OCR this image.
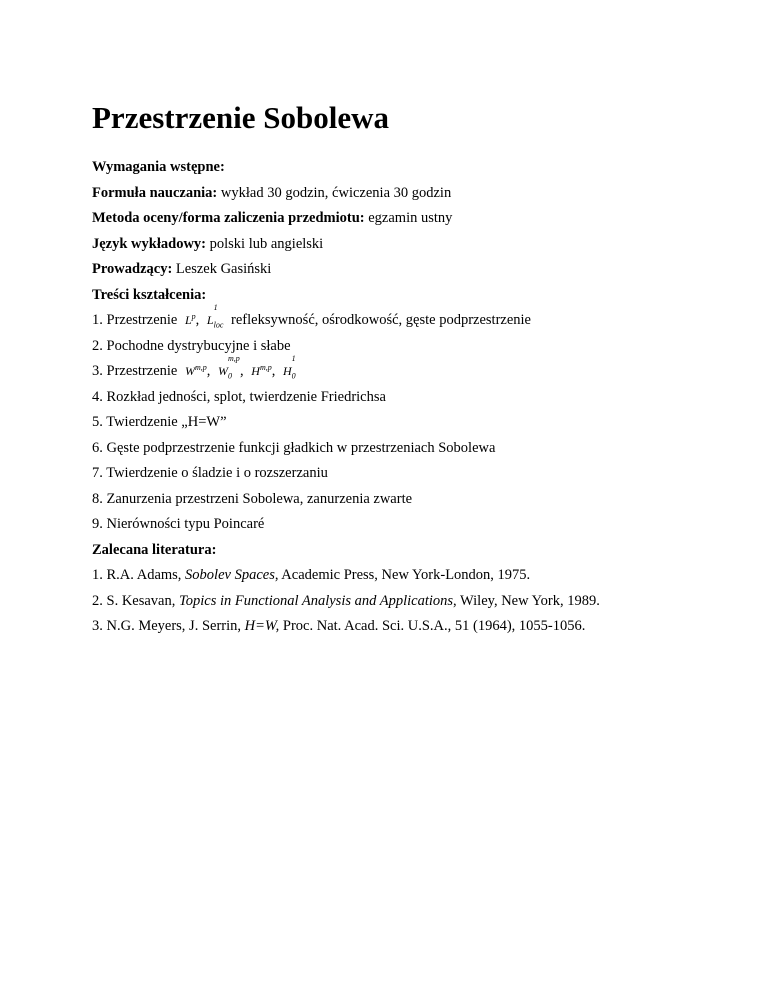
Przestrzenie Sobolewa
Wymagania wstępne:
Formuła nauczania: wykład 30 godzin, ćwiczenia 30 godzin
Metoda oceny/forma zaliczenia przedmiotu: egzamin ustny
Język wykładowy: polski lub angielski
Prowadzący: Leszek Gasiński
Treści kształcenia:
1. Przestrzenie $L^p$, L
1
$_{loc}$ refleksywność, ośrodkowość, gęste podprzestrzenie
2. Pochodne dystrybucyjne i słabe
3. Przestrzenie W$^{m,p}$, W
m,p
$_0$ , H$^{m,p}$, H
1
$_0$
4. Rozkład jedności, splot, twierdzenie Friedrichsa
5. Twierdzenie „H=W”
6. Gęste podprzestrzenie funkcji gładkich w przestrzeniach Sobolewa
7. Twierdzenie o śladzie i o rozszerzaniu
8. Zanurzenia przestrzeni Sobolewa, zanurzenia zwarte
9. Nierówności typu Poincaré
Zalecana literatura:
1. R.A. Adams, Sobolev Spaces, Academic Press, New York-London, 1975.
2. S. Kesavan, Topics in Functional Analysis and Applications, Wiley, New York, 1989.
3. N.G. Meyers, J. Serrin, H=W, Proc. Nat. Acad. Sci. U.S.A., 51 (1964), 1055-1056.
